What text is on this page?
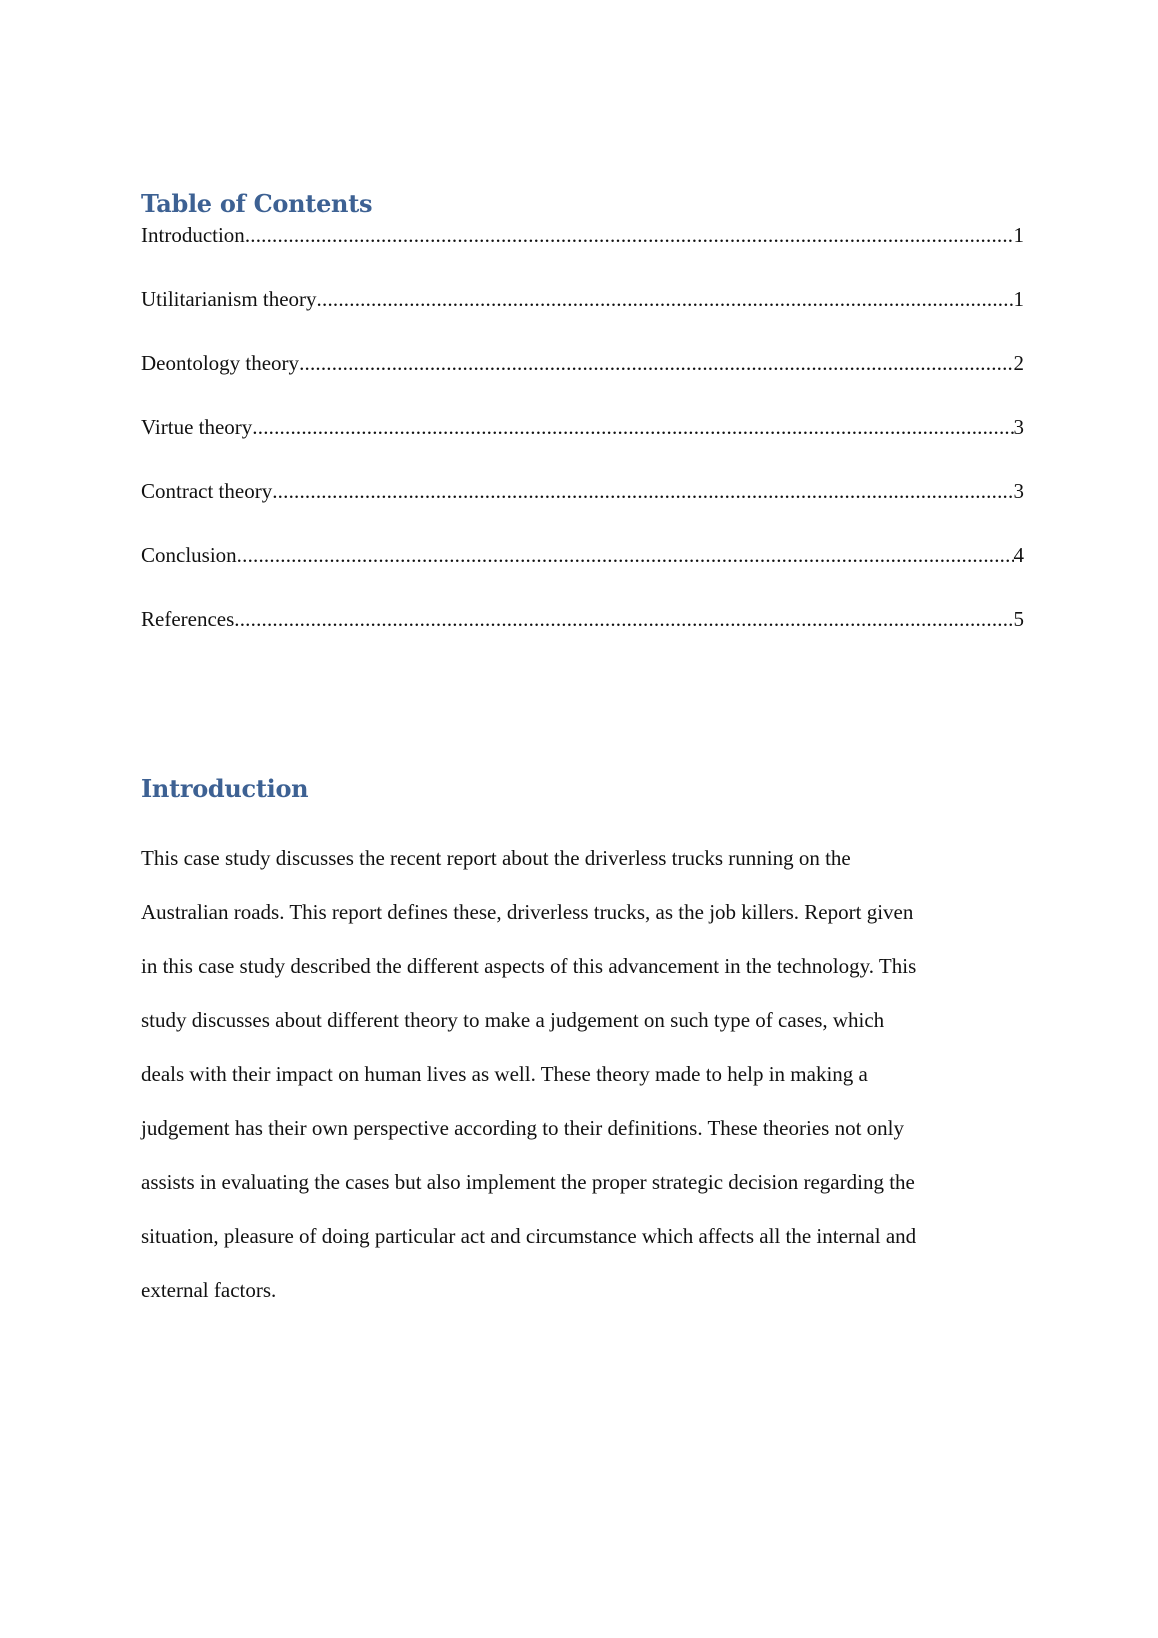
Table of Contents
Introduction .....	1
Utilitarianism theory .....	1
Deontology theory .....	2
Virtue theory .....	3
Contract theory .....	3
Conclusion .....	4
References .....	5
Introduction

This case study discusses the recent report about the driverless trucks running on the
Australian roads. This report defines these, driverless trucks, as the job killers. Report given
in this case study described the different aspects of this advancement in the technology. This
study discusses about different theory to make a judgement on such type of cases, which
deals with their impact on human lives as well. These theory made to help in making a
judgement has their own perspective according to their definitions. These theories not only
assists in evaluating the cases but also implement the proper strategic decision regarding the
situation, pleasure of doing particular act and circumstance which affects all the internal and
external factors.
